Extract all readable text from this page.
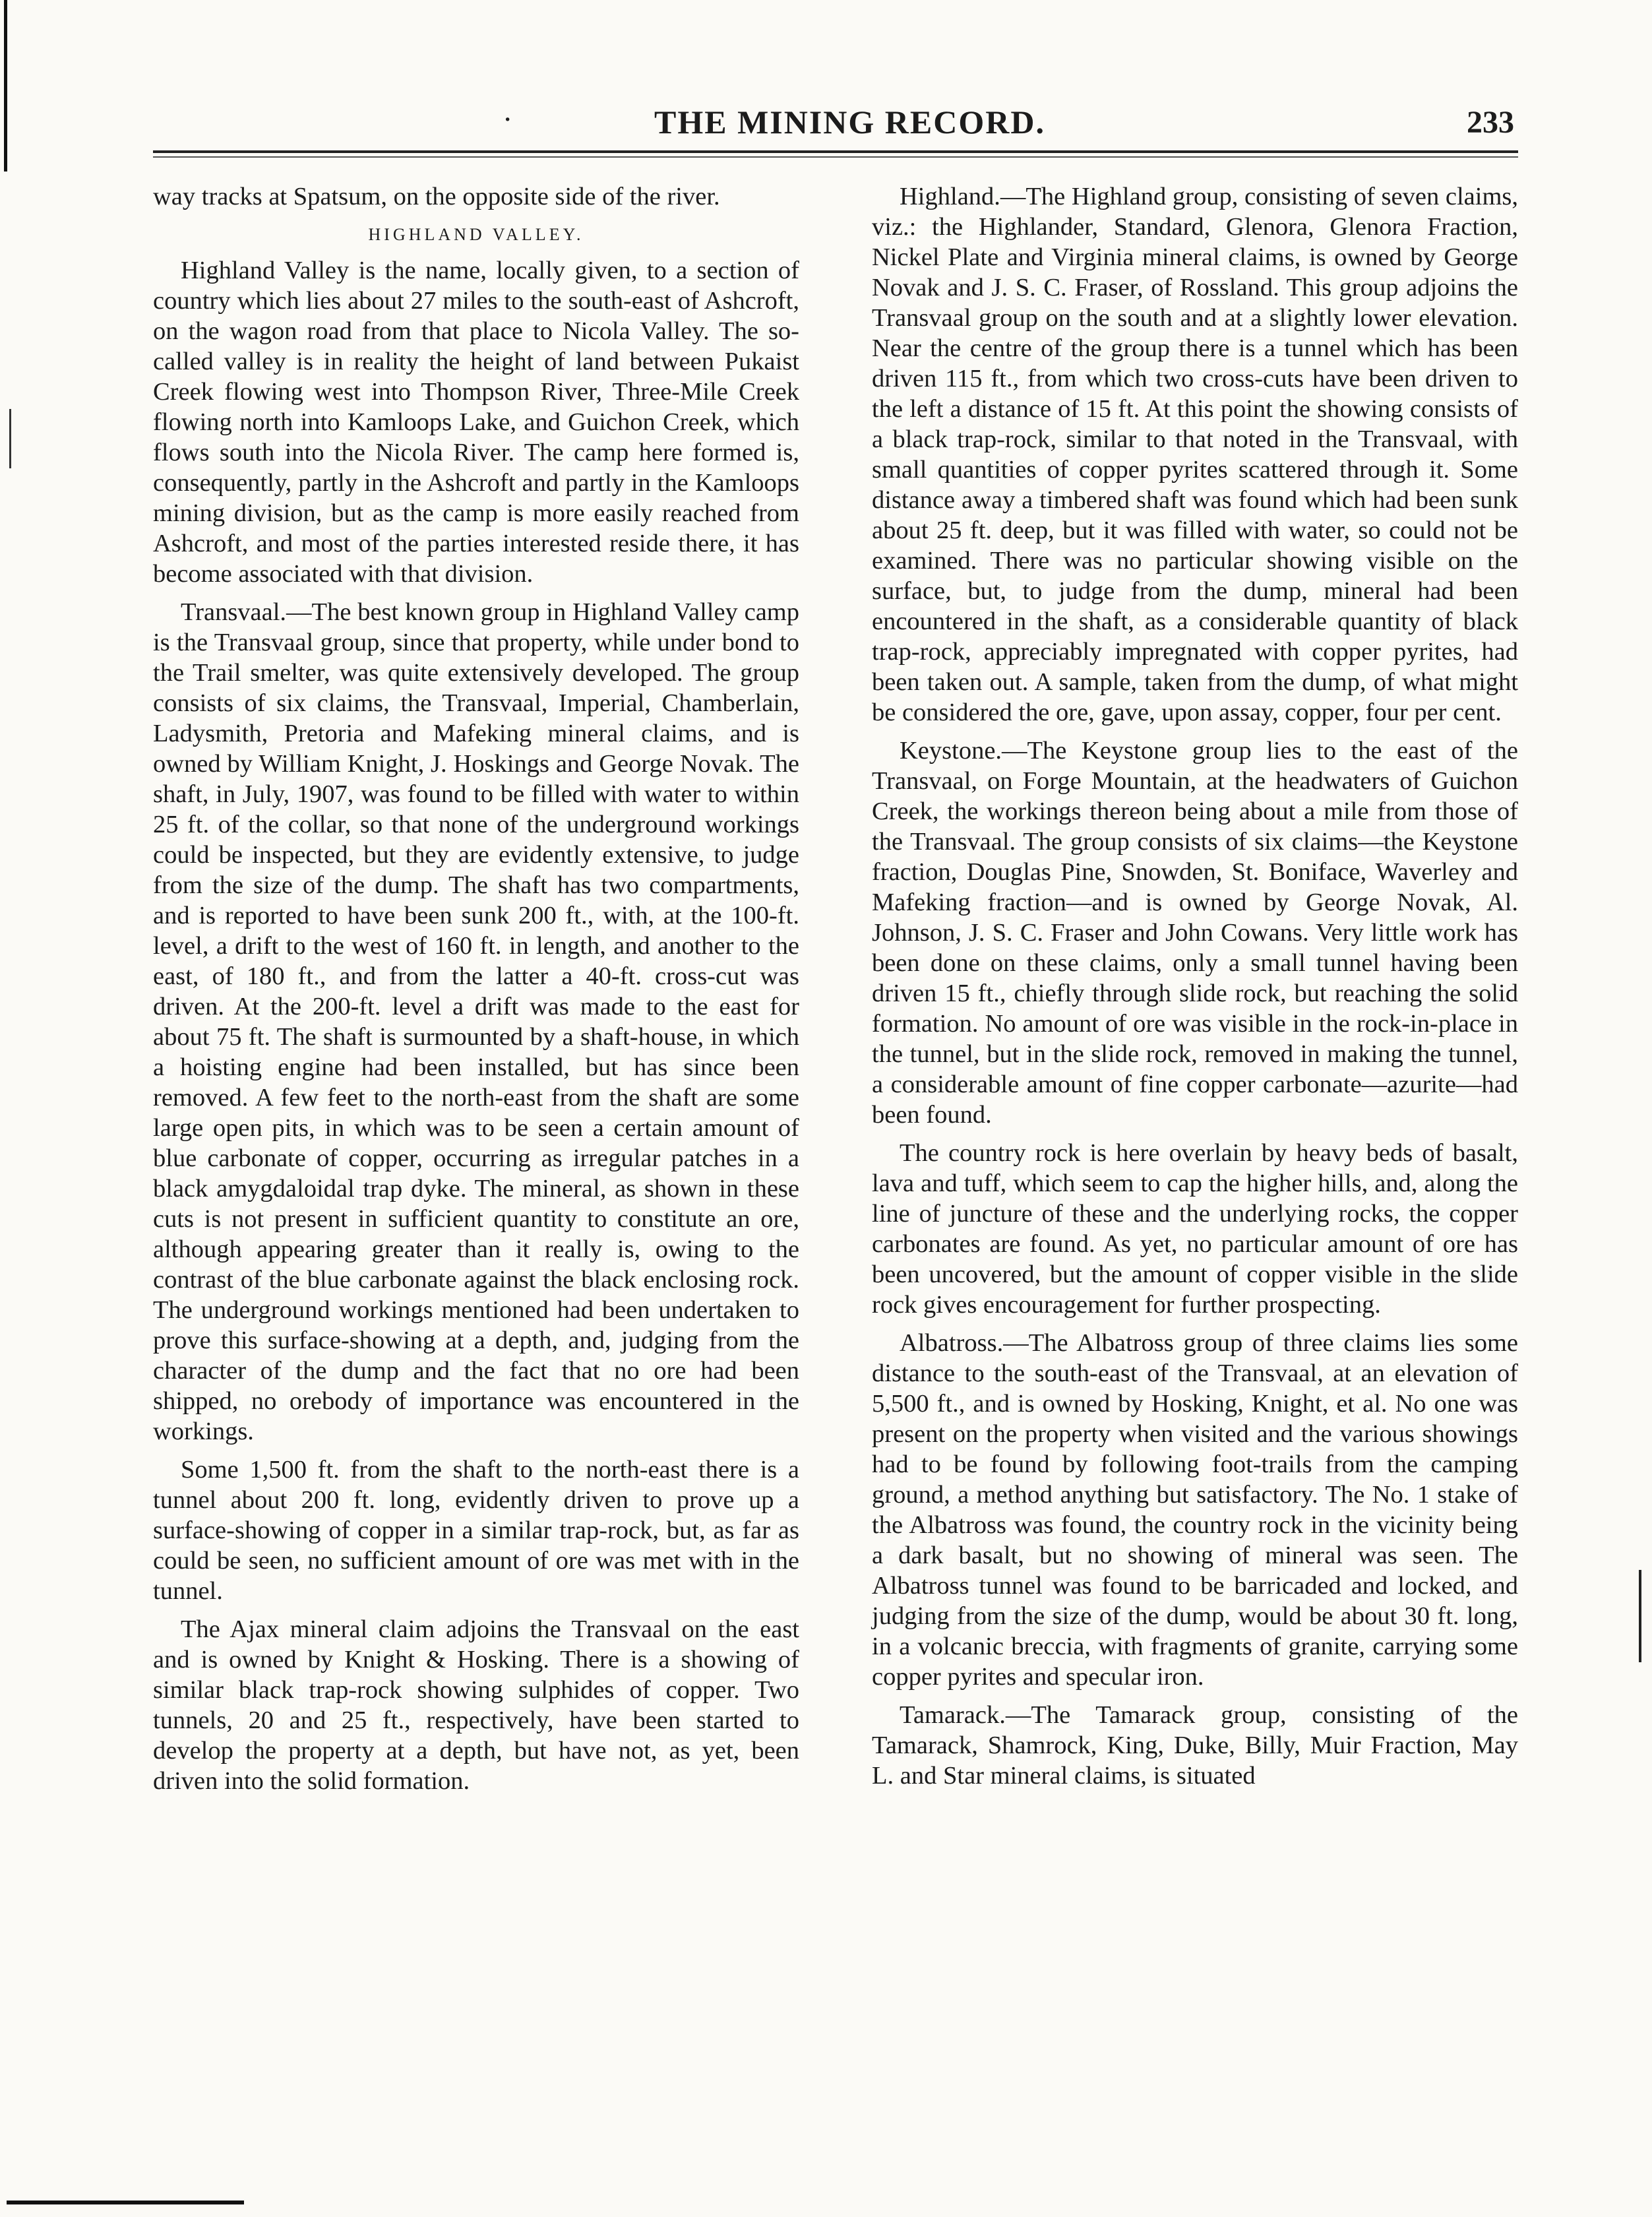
·	THE MINING RECORD.	233

way tracks at Spatsum, on the opposite side of the river.

HIGHLAND VALLEY.

Highland Valley is the name, locally given, to a section of country which lies about 27 miles to the south-east of Ashcroft, on the wagon road from that place to Nicola Valley. The so-called valley is in reality the height of land between Pukaist Creek flowing west into Thompson River, Three-Mile Creek flowing north into Kamloops Lake, and Guichon Creek, which flows south into the Nicola River. The camp here formed is, consequently, partly in the Ashcroft and partly in the Kamloops mining division, but as the camp is more easily reached from Ashcroft, and most of the parties interested reside there, it has become associated with that division.

Transvaal.—The best known group in Highland Valley camp is the Transvaal group, since that property, while under bond to the Trail smelter, was quite extensively developed. The group consists of six claims, the Transvaal, Imperial, Chamberlain, Ladysmith, Pretoria and Mafeking mineral claims, and is owned by William Knight, J. Hoskings and George Novak. The shaft, in July, 1907, was found to be filled with water to within 25 ft. of the collar, so that none of the underground workings could be inspected, but they are evidently extensive, to judge from the size of the dump. The shaft has two compartments, and is reported to have been sunk 200 ft., with, at the 100-ft. level, a drift to the west of 160 ft. in length, and another to the east, of 180 ft., and from the latter a 40-ft. cross-cut was driven. At the 200-ft. level a drift was made to the east for about 75 ft. The shaft is surmounted by a shaft-house, in which a hoisting engine had been installed, but has since been removed. A few feet to the north-east from the shaft are some large open pits, in which was to be seen a certain amount of blue carbonate of copper, occurring as irregular patches in a black amygdaloidal trap dyke. The mineral, as shown in these cuts is not present in sufficient quantity to constitute an ore, although appearing greater than it really is, owing to the contrast of the blue carbonate against the black enclosing rock. The underground workings mentioned had been undertaken to prove this surface-showing at a depth, and, judging from the character of the dump and the fact that no ore had been shipped, no orebody of importance was encountered in the workings.

Some 1,500 ft. from the shaft to the north-east there is a tunnel about 200 ft. long, evidently driven to prove up a surface-showing of copper in a similar trap-rock, but, as far as could be seen, no sufficient amount of ore was met with in the tunnel.

The Ajax mineral claim adjoins the Transvaal on the east and is owned by Knight & Hosking. There is a showing of similar black trap-rock showing sulphides of copper. Two tunnels, 20 and 25 ft., respectively, have been started to develop the property at a depth, but have not, as yet, been driven into the solid formation.

Highland.—The Highland group, consisting of seven claims, viz.: the Highlander, Standard, Glenora, Glenora Fraction, Nickel Plate and Virginia mineral claims, is owned by George Novak and J. S. C. Fraser, of Rossland. This group adjoins the Transvaal group on the south and at a slightly lower elevation. Near the centre of the group there is a tunnel which has been driven 115 ft., from which two cross-cuts have been driven to the left a distance of 15 ft. At this point the showing consists of a black trap-rock, similar to that noted in the Transvaal, with small quantities of copper pyrites scattered through it. Some distance away a timbered shaft was found which had been sunk about 25 ft. deep, but it was filled with water, so could not be examined. There was no particular showing visible on the surface, but, to judge from the dump, mineral had been encountered in the shaft, as a considerable quantity of black trap-rock, appreciably impregnated with copper pyrites, had been taken out. A sample, taken from the dump, of what might be considered the ore, gave, upon assay, copper, four per cent.

Keystone.—The Keystone group lies to the east of the Transvaal, on Forge Mountain, at the headwaters of Guichon Creek, the workings thereon being about a mile from those of the Transvaal. The group consists of six claims—the Keystone fraction, Douglas Pine, Snowden, St. Boniface, Waverley and Mafeking fraction—and is owned by George Novak, Al. Johnson, J. S. C. Fraser and John Cowans. Very little work has been done on these claims, only a small tunnel having been driven 15 ft., chiefly through slide rock, but reaching the solid formation. No amount of ore was visible in the rock-in-place in the tunnel, but in the slide rock, removed in making the tunnel, a considerable amount of fine copper carbonate—azurite—had been found.

The country rock is here overlain by heavy beds of basalt, lava and tuff, which seem to cap the higher hills, and, along the line of juncture of these and the underlying rocks, the copper carbonates are found. As yet, no particular amount of ore has been uncovered, but the amount of copper visible in the slide rock gives encouragement for further prospecting.

Albatross.—The Albatross group of three claims lies some distance to the south-east of the Transvaal, at an elevation of 5,500 ft., and is owned by Hosking, Knight, et al. No one was present on the property when visited and the various showings had to be found by following foot-trails from the camping ground, a method anything but satisfactory. The No. 1 stake of the Albatross was found, the country rock in the vicinity being a dark basalt, but no showing of mineral was seen. The Albatross tunnel was found to be barricaded and locked, and judging from the size of the dump, would be about 30 ft. long, in a volcanic breccia, with fragments of granite, carrying some copper pyrites and specular iron.

Tamarack.—The Tamarack group, consisting of the Tamarack, Shamrock, King, Duke, Billy, Muir Fraction, May L. and Star mineral claims, is situated
